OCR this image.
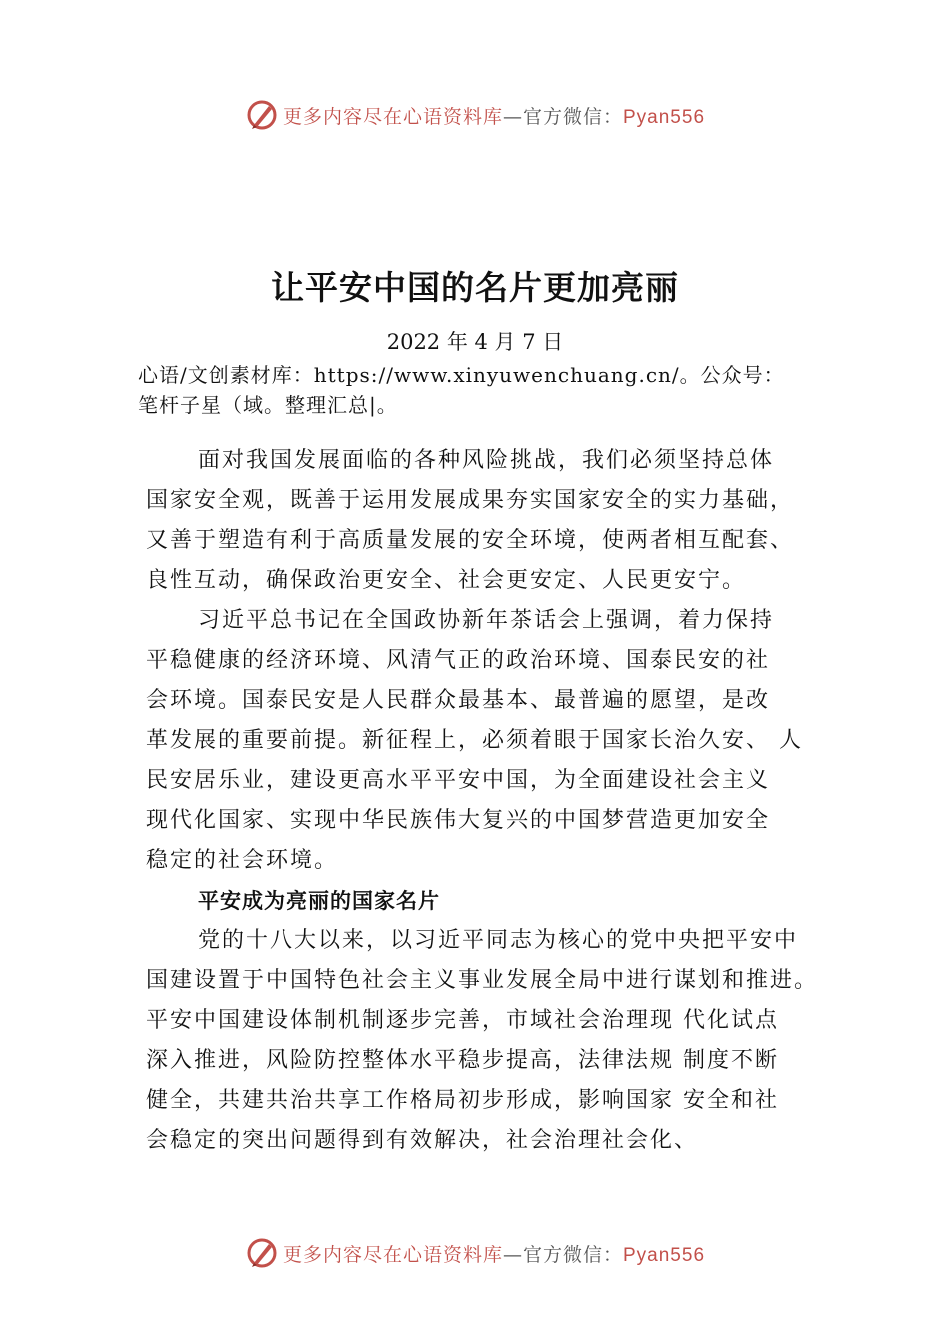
更多内容尽在心语资料库—官方微信：Pyan556
让平安中国的名片更加亮丽
2022 年 4 月 7 日
心语/文创素材库：https://www.xinyuwenchuang.cn/。公众号：
笔杆子星（域。整理汇总|。
面对我国发展面临的各种风险挑战，我们必须坚持总体
国家安全观，既善于运用发展成果夯实国家安全的实力基础，
又善于塑造有利于高质量发展的安全环境，使两者相互配套、
良性互动，确保政治更安全、社会更安定、人民更安宁。
习近平总书记在全国政协新年茶话会上强调，着力保持
平稳健康的经济环境、风清气正的政治环境、国泰民安的社
会环境。国泰民安是人民群众最基本、最普遍的愿望，是改
革发展的重要前提。新征程上，必须着眼于国家长治久安、 人
民安居乐业，建设更高水平平安中国，为全面建设社会主义
现代化国家、实现中华民族伟大复兴的中国梦营造更加安全
稳定的社会环境。
平安成为亮丽的国家名片
党的十八大以来，以习近平同志为核心的党中央把平安中
国建设置于中国特色社会主义事业发展全局中进行谋划和推进。
平安中国建设体制机制逐步完善，市域社会治理现 代化试点
深入推进，风险防控整体水平稳步提高，法律法规 制度不断
健全，共建共治共享工作格局初步形成，影响国家 安全和社
会稳定的突出问题得到有效解决，社会治理社会化、
更多内容尽在心语资料库—官方微信：Pyan556
